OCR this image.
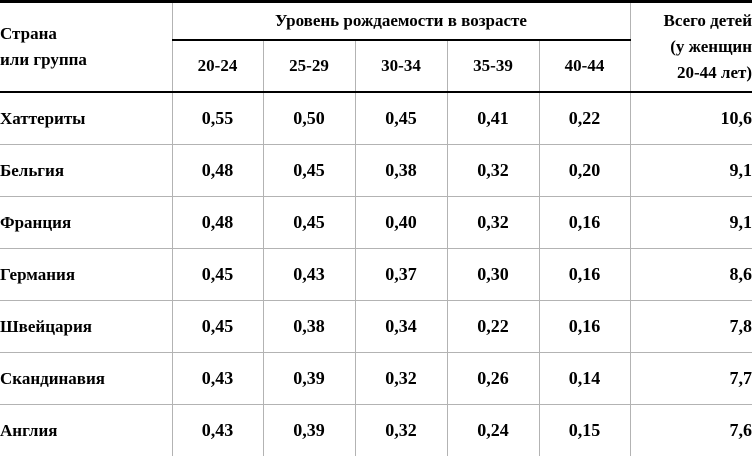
Страна
или группа
	Уровень рождаемости в возрасте	Всего детей
(у женщин
20-44 лет)

	20-24	25-29	30-34	35-39	40-44	
Хаттериты	0,55	0,50	0,45	0,41	0,22	10,6
Бельгия	0,48	0,45	0,38	0,32	0,20	9,1
Франция	0,48	0,45	0,40	0,32	0,16	9,1
Германия	0,45	0,43	0,37	0,30	0,16	8,6
Швейцария	0,45	0,38	0,34	0,22	0,16	7,8
Скандинавия	0,43	0,39	0,32	0,26	0,14	7,7
Англия	0,43	0,39	0,32	0,24	0,15	7,6
